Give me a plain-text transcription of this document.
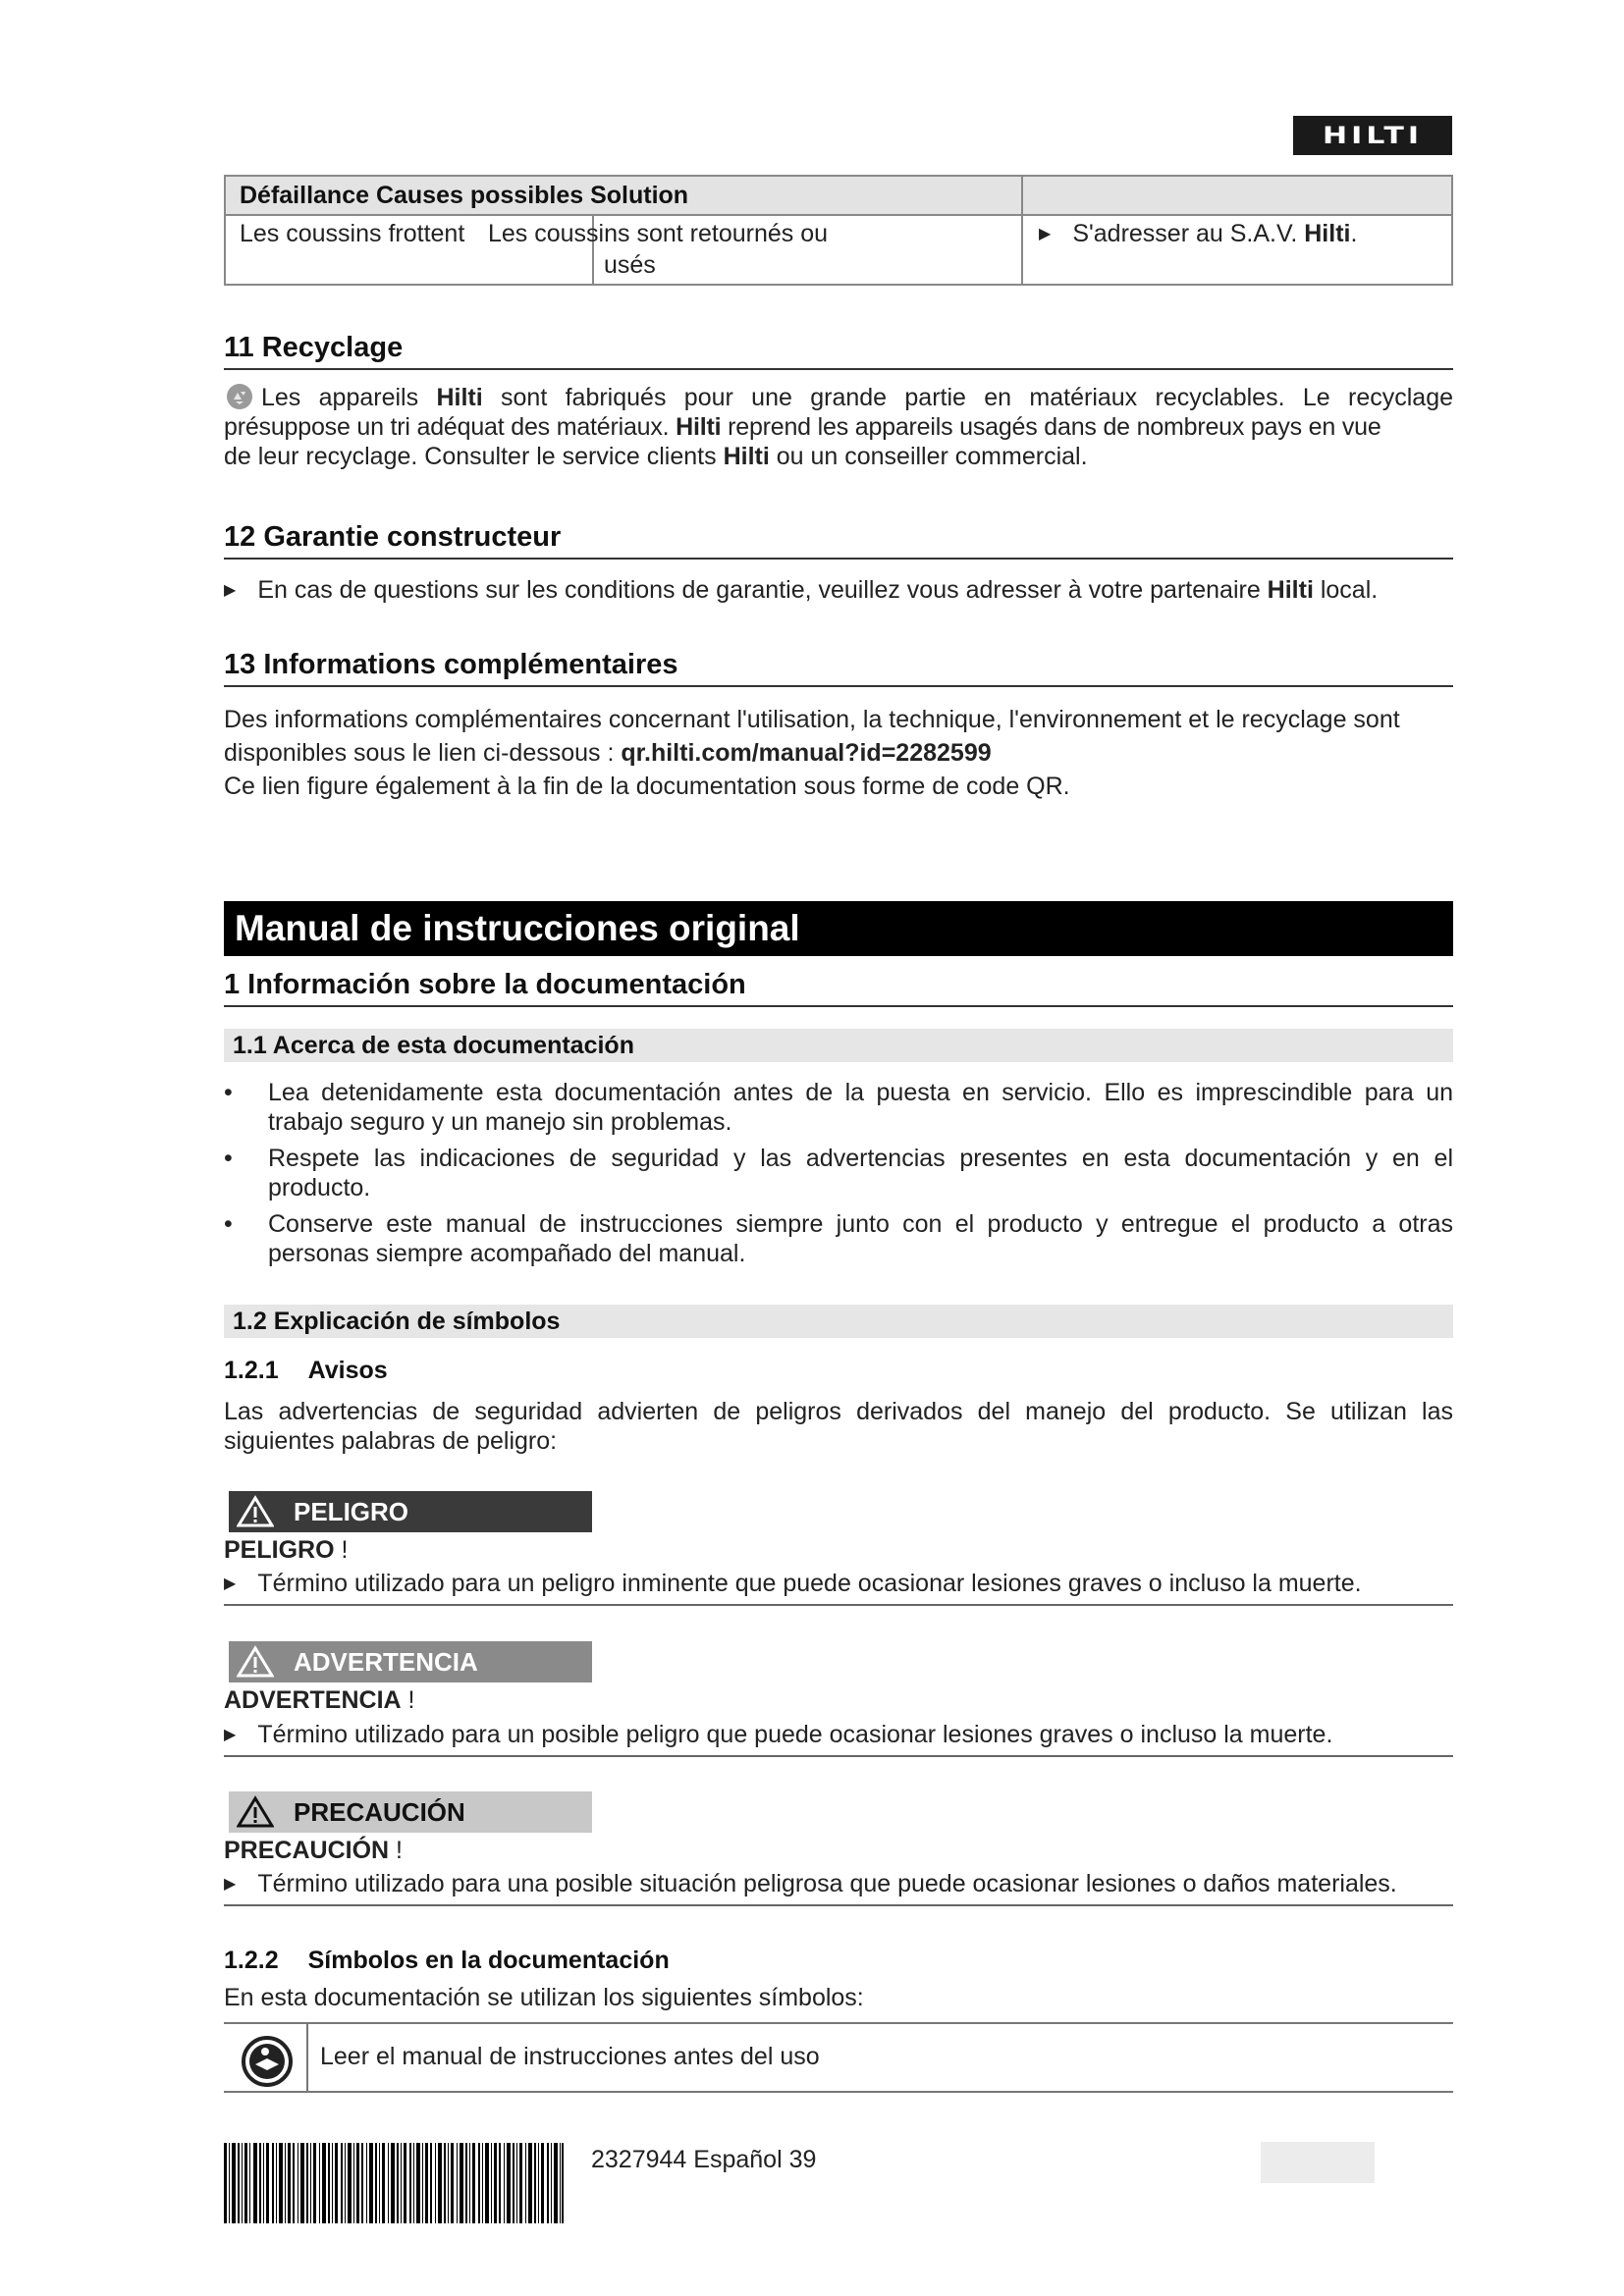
HILTI
Défaillance Causes possibles Solution
Les coussins frottent Les coussins sont retournés ou
usés
▶ S'adresser au S.A.V. Hilti.
11 Recyclage

Les appareils Hilti sont fabriqués pour une grande partie en matériaux recyclables. Le recyclage

présuppose un tri adéquat des matériaux. Hilti reprend les appareils usagés dans de nombreux pays en vue

de leur recyclage. Consulter le service clients Hilti ou un conseiller commercial.

12 Garantie constructeur
▶ En cas de questions sur les conditions de garantie, veuillez vous adresser à votre partenaire Hilti local.
13 Informations complémentaires

Des informations complémentaires concernant l'utilisation, la technique, l'environnement et le recyclage sont

disponibles sous le lien ci-dessous : qr.hilti.com/manual?id=2282599

Ce lien figure également à la fin de la documentation sous forme de code QR.

Manual de instrucciones original
1 Información sobre la documentación
1.1 Acerca de esta documentación
• Lea detenidamente esta documentación antes de la puesta en servicio. Ello es imprescindible para un

trabajo seguro y un manejo sin problemas.

• Respete las indicaciones de seguridad y las advertencias presentes en esta documentación y en el

producto.

• Conserve este manual de instrucciones siempre junto con el producto y entregue el producto a otras

personas siempre acompañado del manual.

1.2 Explicación de símbolos
1.2.1 Avisos

Las advertencias de seguridad advierten de peligros derivados del manejo del producto. Se utilizan las

siguientes palabras de peligro:

PELIGRO
PELIGRO !
▶ Término utilizado para un peligro inminente que puede ocasionar lesiones graves o incluso la muerte.
ADVERTENCIA
ADVERTENCIA !
▶ Término utilizado para un posible peligro que puede ocasionar lesiones graves o incluso la muerte.
PRECAUCIÓN
PRECAUCIÓN !
▶ Término utilizado para una posible situación peligrosa que puede ocasionar lesiones o daños materiales.
1.2.2 Símbolos en la documentación
En esta documentación se utilizan los siguientes símbolos:
Leer el manual de instrucciones antes del uso
2327944 Español 39
